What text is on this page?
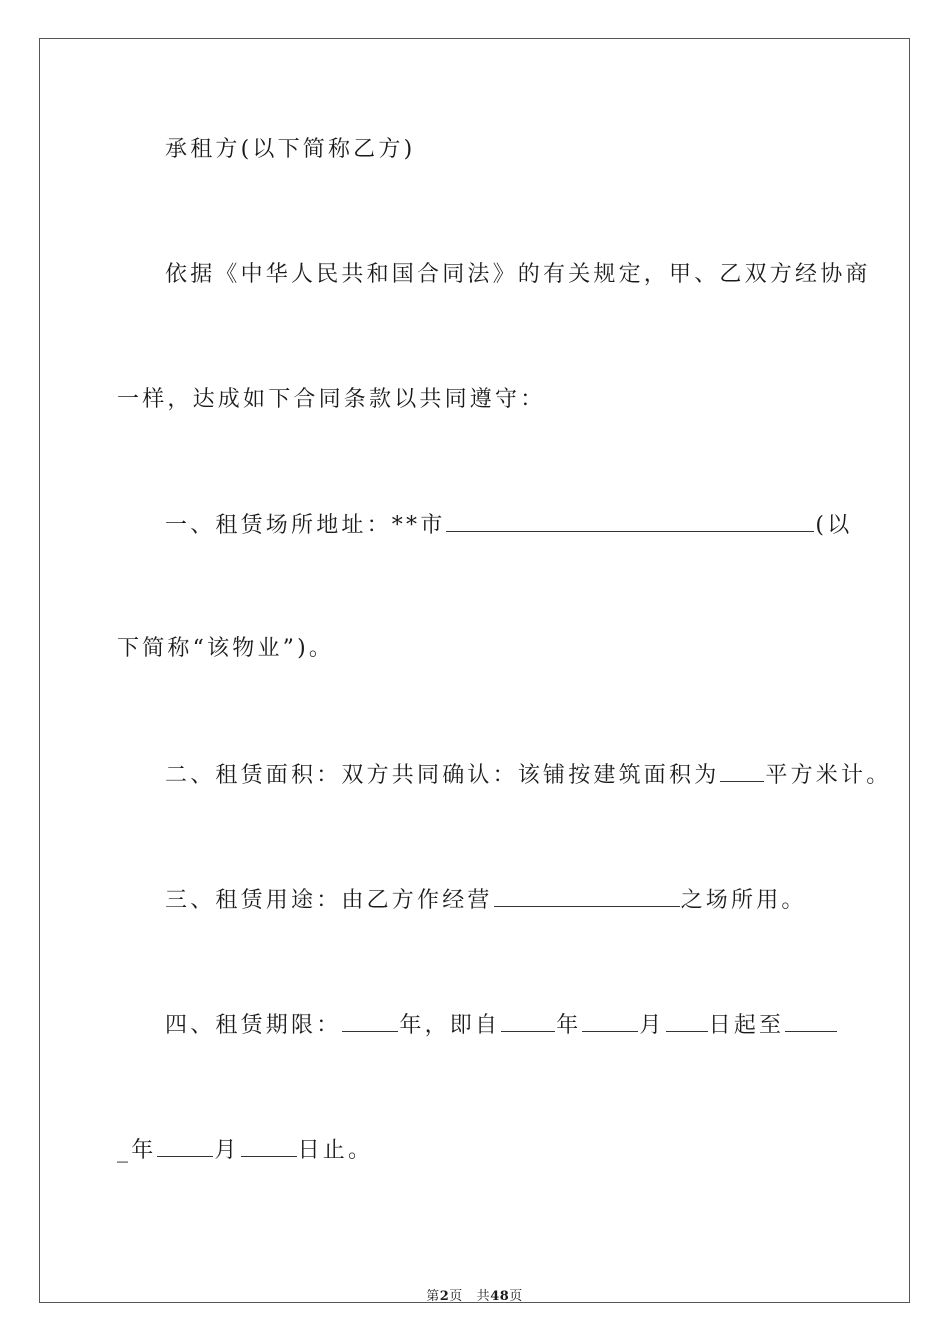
承租方(以下简称乙方)
依据《中华人民共和国合同法》的有关规定，甲、乙双方经协商
一样，达成如下合同条款以共同遵守：
一、租赁场所地址：**市	(以
下简称“该物业”)。
二、租赁面积：双方共同确认：该铺按建筑面积为 平方米计。
三、租赁用途：由乙方作经营	之场所用。
四、租赁期限：	年，即自	年	月 日起至
_年	月	日止。
第2页 共48页
